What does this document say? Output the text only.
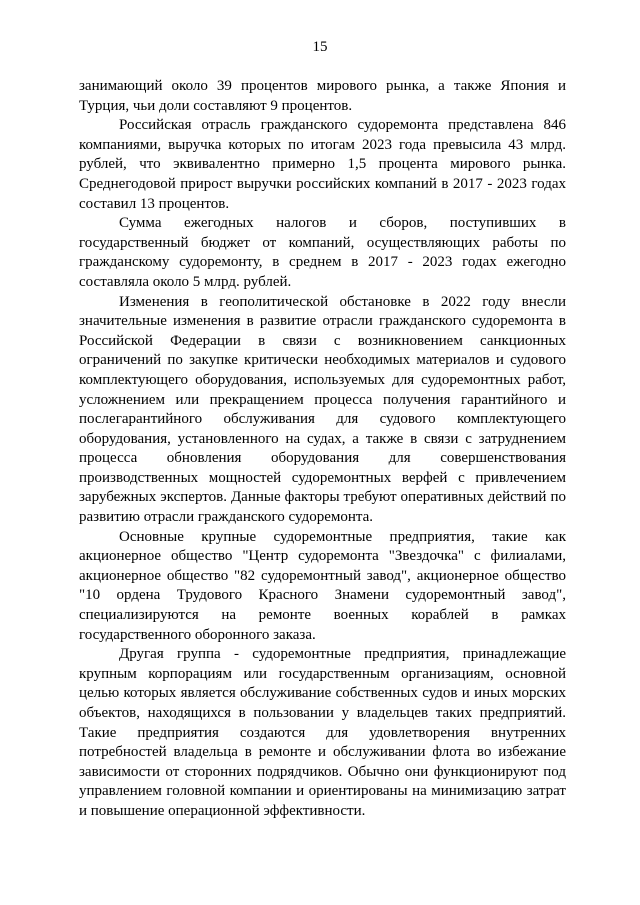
15

занимающий около 39 процентов мирового рынка, а также Япония и Турция, чьи доли составляют 9 процентов.

Российская отрасль гражданского судоремонта представлена 846 компаниями, выручка которых по итогам 2023 года превысила 43 млрд. рублей, что эквивалентно примерно 1,5 процента мирового рынка. Среднегодовой прирост выручки российских компаний в 2017 - 2023 годах составил 13 процентов.

Сумма ежегодных налогов и сборов, поступивших в государственный бюджет от компаний, осуществляющих работы по гражданскому судоремонту, в среднем в 2017 - 2023 годах ежегодно составляла около 5 млрд. рублей.

Изменения в геополитической обстановке в 2022 году внесли значительные изменения в развитие отрасли гражданского судоремонта в Российской Федерации в связи с возникновением санкционных ограничений по закупке критически необходимых материалов и судового комплектующего оборудования, используемых для судоремонтных работ, усложнением или прекращением процесса получения гарантийного и послегарантийного обслуживания для судового комплектующего оборудования, установленного на судах, а также в связи с затруднением процесса обновления оборудования для совершенствования производственных мощностей судоремонтных верфей с привлечением зарубежных экспертов. Данные факторы требуют оперативных действий по развитию отрасли гражданского судоремонта.

Основные крупные судоремонтные предприятия, такие как акционерное общество "Центр судоремонта "Звездочка" с филиалами, акционерное общество "82 судоремонтный завод", акционерное общество "10 ордена Трудового Красного Знамени судоремонтный завод", специализируются на ремонте военных кораблей в рамках государственного оборонного заказа.

Другая группа - судоремонтные предприятия, принадлежащие крупным корпорациям или государственным организациям, основной целью которых является обслуживание собственных судов и иных морских объектов, находящихся в пользовании у владельцев таких предприятий. Такие предприятия создаются для удовлетворения внутренних потребностей владельца в ремонте и обслуживании флота во избежание зависимости от сторонних подрядчиков. Обычно они функционируют под управлением головной компании и ориентированы на минимизацию затрат и повышение операционной эффективности.
